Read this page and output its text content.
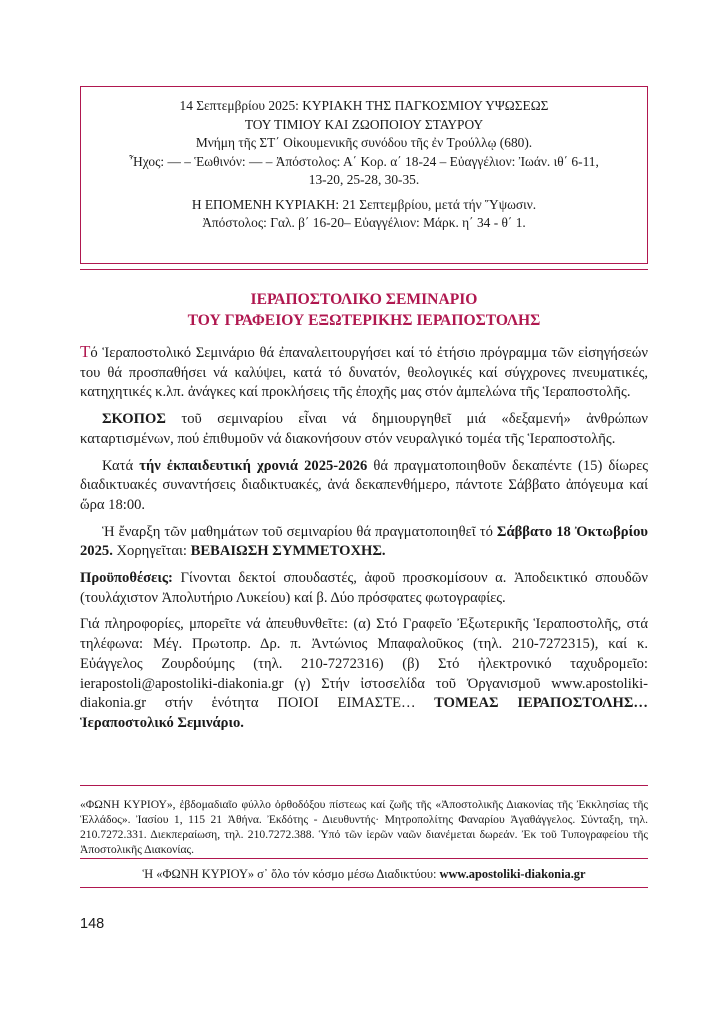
14 Σεπτεμβρίου 2025: ΚΥΡΙΑΚΗ ΤΗΣ ΠΑΓΚΟΣΜΙΟΥ ΥΨΩΣΕΩΣ
ΤΟΥ ΤΙΜΙΟΥ ΚΑΙ ΖΩΟΠΟΙΟΥ ΣΤΑΥΡΟΥ
Μνήμη τῆς ΣΤ΄ Οἰκουμενικῆς συνόδου τῆς ἐν Τρούλλῳ (680).
Ἦχος: — – Ἑωθινόν: — – Ἀπόστολος: Α΄ Κορ. α΄ 18-24 – Εὐαγγέλιον: Ἰωάν. ιθ΄ 6-11,
13-20, 25-28, 30-35.
Η ΕΠΟΜΕΝΗ ΚΥΡΙΑΚΗ: 21 Σεπτεμβρίου, μετά τήν Ὕψωσιν.
Ἀπόστολος: Γαλ. β΄ 16-20– Εὐαγγέλιον: Μάρκ. η΄ 34 - θ΄ 1.
ΙΕΡΑΠΟΣΤΟΛΙΚΟ ΣΕΜΙΝΑΡΙΟ
ΤΟΥ ΓΡΑΦΕΙΟΥ ΕΞΩΤΕΡΙΚΗΣ ΙΕΡΑΠΟΣΤΟΛΗΣ

Τό Ἱεραποστολικό Σεμινάριο θά ἐπαναλειτουργήσει καί τό ἐτήσιο πρόγραμμα τῶν εἰσηγήσεών του θά προσπαθήσει νά καλύψει, κατά τό δυνατόν, θεολογικές καί σύγχρονες πνευματικές, κατηχητικές κ.λπ. ἀνάγκες καί προκλήσεις τῆς ἐποχῆς μας στόν ἀμπελώνα τῆς Ἱεραποστολῆς.

ΣΚΟΠΟΣ τοῦ σεμιναρίου εἶναι νά δημιουργηθεῖ μιά «δεξαμενή» ἀνθρώπων καταρτισμένων, πού ἐπιθυμοῦν νά διακονήσουν στόν νευραλγικό τομέα τῆς Ἱεραποστολῆς.

Κατά τήν ἐκπαιδευτική χρονιά 2025-2026 θά πραγματοποιηθοῦν δεκαπέντε (15) δίωρες διαδικτυακές συναντήσεις διαδικτυακές, ἀνά δεκαπενθήμερο, πάντοτε Σάββατο ἀπόγευμα καί ὥρα 18:00.

Ἡ ἔναρξη τῶν μαθημάτων τοῦ σεμιναρίου θά πραγματοποιηθεῖ τό Σάββατο 18 Ὀκτωβρίου 2025. Χορηγεῖται: ΒΕΒΑΙΩΣΗ ΣΥΜΜΕΤΟΧΗΣ.

Προϋποθέσεις: Γίνονται δεκτοί σπουδαστές, ἀφοῦ προσκομίσουν α. Ἀποδεικτικό σπουδῶν (τουλάχιστον Ἀπολυτήριο Λυκείου) καί β. Δύο πρόσφατες φωτογραφίες.

Γιά πληροφορίες, μπορεῖτε νά ἀπευθυνθεῖτε: (α) Στό Γραφεῖο Ἐξωτερικῆς Ἱεραποστολῆς, στά τηλέφωνα: Μέγ. Πρωτοπρ. Δρ. π. Ἀντώνιος Μπαφαλοῦκος (τηλ. 210-7272315), καί κ. Εὐάγγελος Ζουρδούμης (τηλ. 210-7272316) (β) Στό ἠλεκτρονικό ταχυδρομεῖο: ierapostoli@apostoliki-diakonia.gr (γ) Στήν ἰστοσελίδα τοῦ Ὀργανισμοῦ www.apostoliki-diakonia.gr στήν ἑνότητα ΠΟΙΟΙ ΕΙΜΑΣΤΕ… ΤΟΜΕΑΣ ΙΕΡΑΠΟΣΤΟΛΗΣ… Ἱεραποστολικό Σεμινάριο.

«ΦΩΝΗ ΚΥΡΙΟΥ», ἑβδομαδιαῖο φύλλο ὀρθοδόξου πίστεως καί ζωῆς τῆς «Ἀποστολικῆς Διακονίας τῆς Ἐκκλησίας τῆς Ἑλλάδος». Ἰασίου 1, 115 21 Ἀθήνα. Ἐκδότης - Διευθυντής· Μητροπολίτης Φαναρίου Ἀγαθάγγελος. Σύνταξη, τηλ. 210.7272.331. Διεκπεραίωση, τηλ. 210.7272.388. Ὑπό τῶν ἱερῶν ναῶν διανέμεται δωρεάν. Ἐκ τοῦ Τυπογραφείου τῆς Ἀποστολικῆς Διακονίας.
Ἡ «ΦΩΝΗ ΚΥΡΙΟΥ» σ᾿ ὅλο τόν κόσμο μέσω Διαδικτύου: www.apostoliki-diakonia.gr
148
